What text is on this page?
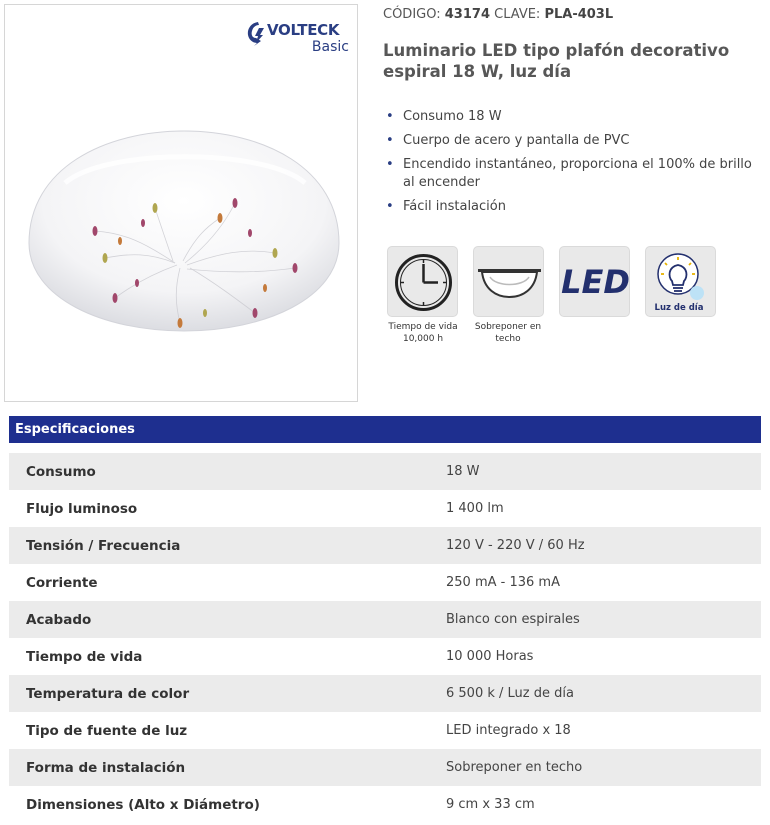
VOLTECK
Basic
CÓDIGO: 43174 CLAVE: PLA-403L
Luminario LED tipo plafón decorativo espiral 18 W, luz día
• Consumo 18 W
• Cuerpo de acero y pantalla de PVC
• Encendido instantáneo, proporciona el 100% de brillo al encender
• Fácil instalación
Tiempo de vida
10,000 h
Sobreponer en
techo
LED
Luz de día
Especificaciones
Consumo	18 W
Flujo luminoso	1 400 lm
Tensión / Frecuencia	120 V - 220 V / 60 Hz
Corriente	250 mA - 136 mA
Acabado	Blanco con espirales
Tiempo de vida	10 000 Horas
Temperatura de color	6 500 k / Luz de día
Tipo de fuente de luz	LED integrado x 18
Forma de instalación	Sobreponer en techo
Dimensiones (Alto x Diámetro)	9 cm x 33 cm
